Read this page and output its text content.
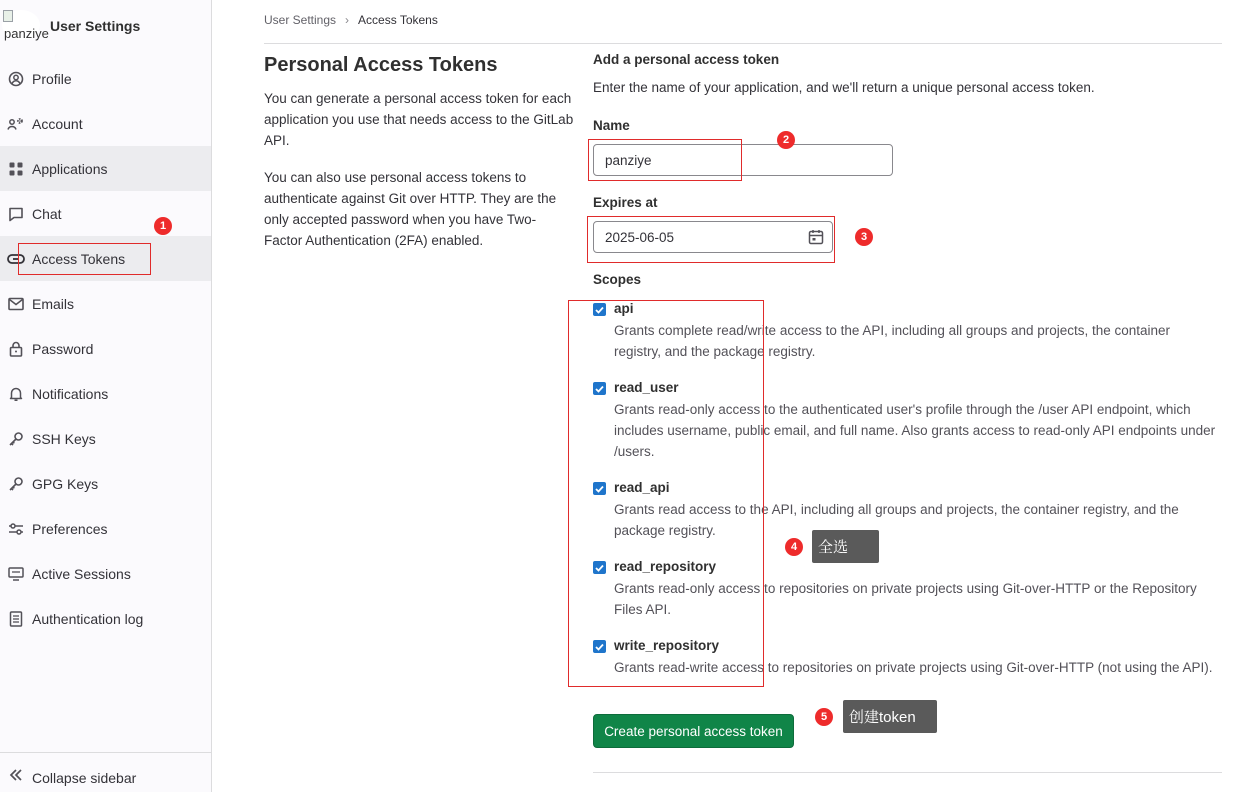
panziye User Settings
Profile
Account
Applications
Chat
Access Tokens
Emails
Password
Notifications
SSH Keys
GPG Keys
Preferences
Active Sessions
Authentication log
Collapse sidebar
User Settings › Access Tokens
Personal Access Tokens
You can generate a personal access token for each application you use that needs access to the GitLab API.
You can also use personal access tokens to authenticate against Git over HTTP. They are the only accepted password when you have Two-Factor Authentication (2FA) enabled.
Add a personal access token
Enter the name of your application, and we'll return a unique personal access token.
Name
panziye
Expires at
2025-06-05
Scopes
api
Grants complete read/write access to the API, including all groups and projects, the container registry, and the package registry.
read_user
Grants read-only access to the authenticated user's profile through the /user API endpoint, which includes username, public email, and full name. Also grants access to read-only API endpoints under /users.
read_api
Grants read access to the API, including all groups and projects, the container registry, and the package registry.
read_repository
Grants read-only access to repositories on private projects using Git-over-HTTP or the Repository Files API.
write_repository
Grants read-write access to repositories on private projects using Git-over-HTTP (not using the API).
Create personal access token
1
2
3
4	全选
5	创建token
